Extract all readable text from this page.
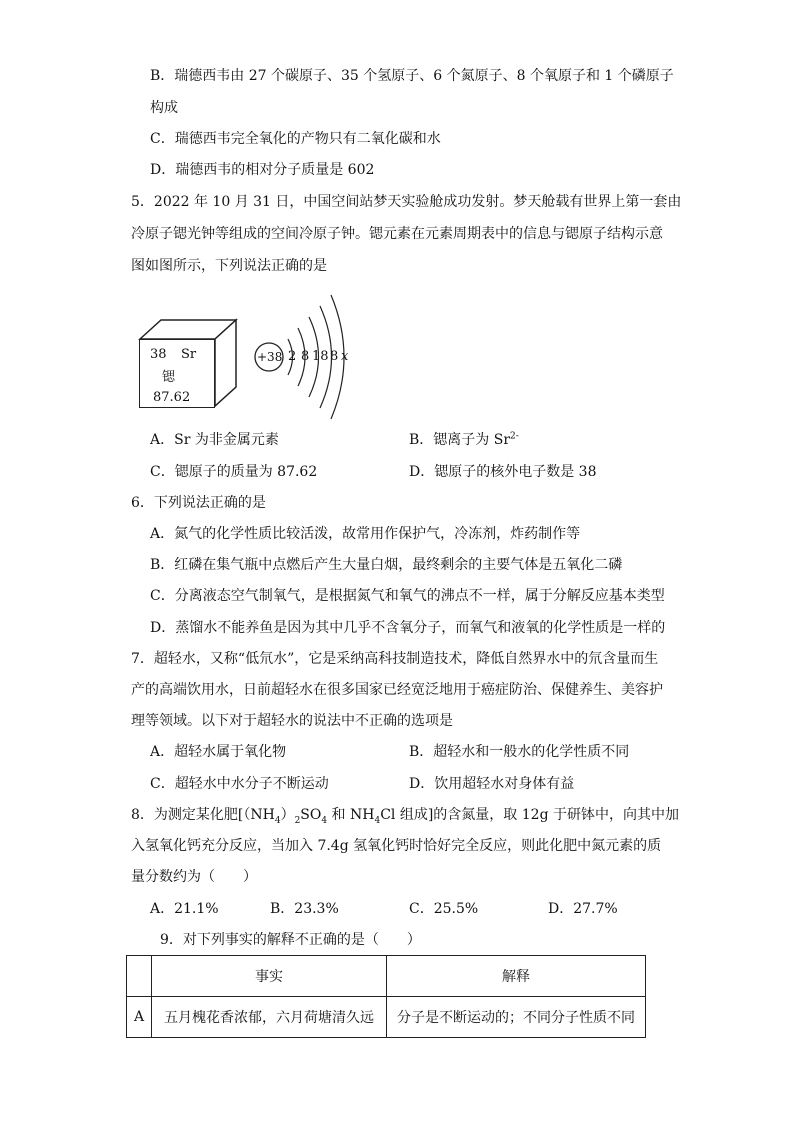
B．瑞德西韦由 27 个碳原子、35 个氢原子、6 个氮原子、8 个氧原子和 1 个磷原子
构成
C．瑞德西韦完全氧化的产物只有二氧化碳和水
D．瑞德西韦的相对分子质量是 602
5．2022 年 10 月 31 日，中国空间站梦天实验舱成功发射。梦天舱载有世界上第一套由
冷原子锶光钟等组成的空间冷原子钟。锶元素在元素周期表中的信息与锶原子结构示意
图如图所示，下列说法正确的是
38 Sr
锶
87.62
+38 2 8 18 8 x
A．Sr 为非金属元素	B．锶离子为 $Sr^{2-}$
C．锶原子的质量为 87.62	D．锶原子的核外电子数是 38
6．下列说法正确的是
A．氮气的化学性质比较活泼，故常用作保护气，冷冻剂，炸药制作等
B．红磷在集气瓶中点燃后产生大量白烟，最终剩余的主要气体是五氧化二磷
C．分离液态空气制氧气，是根据氮气和氧气的沸点不一样，属于分解反应基本类型
D．蒸馏水不能养鱼是因为其中几乎不含氧分子，而氧气和液氧的化学性质是一样的
7．超轻水，又称“低氘水”，它是采纳高科技制造技术，降低自然界水中的氘含量而生
产的高端饮用水，日前超轻水在很多国家已经宽泛地用于癌症防治、保健养生、美容护
理等领域。以下对于超轻水的说法中不正确的选项是
A．超轻水属于氧化物	B．超轻水和一般水的化学性质不同
C．超轻水中水分子不断运动	D．饮用超轻水对身体有益
8．为测定某化肥[$(NH_4)_2SO_4$ 和 $NH_4Cl$ 组成]的含氮量，取 12g 于研钵中，向其中加
入氢氧化钙充分反应，当加入 7.4g 氢氧化钙时恰好完全反应，则此化肥中氮元素的质
量分数约为（　　）
A．21.1%	B．23.3%	C．25.5%	D．27.7%
9．对下列事实的解释不正确的是（　　）
	事实	解释
A	五月槐花香浓郁，六月荷塘清久远	分子是不断运动的；不同分子性质不同
